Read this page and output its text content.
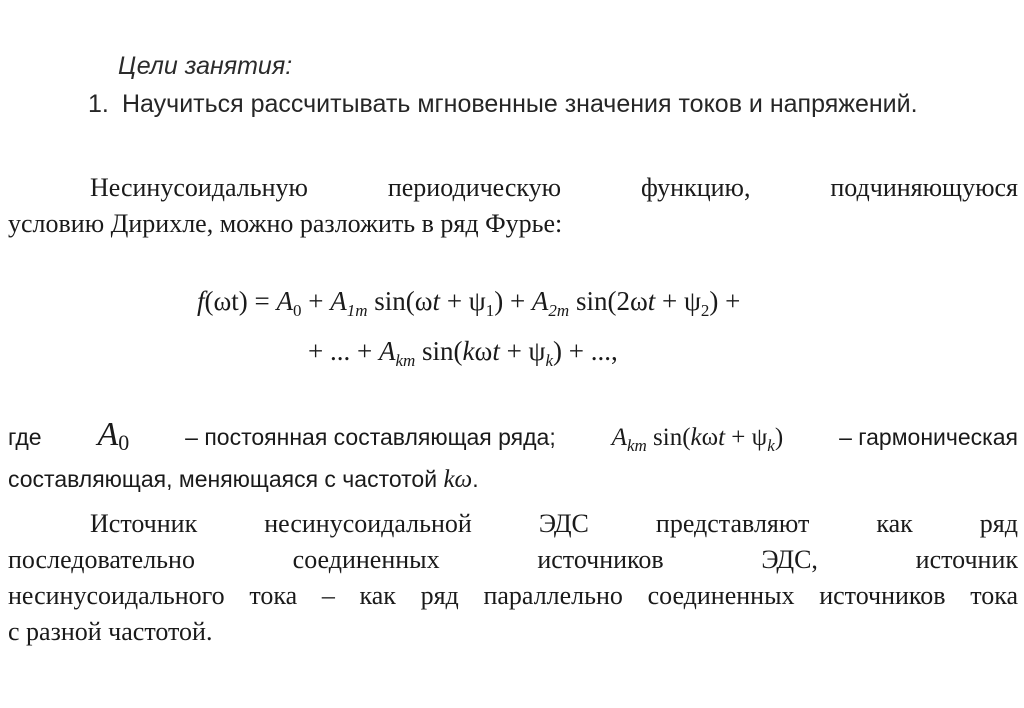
Цели занятия:
1. Научиться рассчитывать мгновенные значения токов и напряжений.
Несинусоидальную периодическую функцию, подчиняющуюся
условию Дирихле, можно разложить в ряд Фурье:
$f(\omega t) = A_0 + A_{1m}$ $\sin(\omega t + \psi_1) + A_{2m}$ $\sin(2\omega t + \psi_2)$ +
+ ... + $A_{km}$ $\sin(k\omega t + \psi_k)$ + ...,
где $A_0$ – постоянная составляющая ряда; $A_{km}$ $\sin(k\omega t + \psi_k)$ – гармоническая
составляющая, меняющаяся с частотой kω.
Источник несинусоидальной ЭДС представляют как ряд
последовательно соединенных источников ЭДС, источник
несинусоидального тока – как ряд параллельно соединенных источников тока
с разной частотой.
